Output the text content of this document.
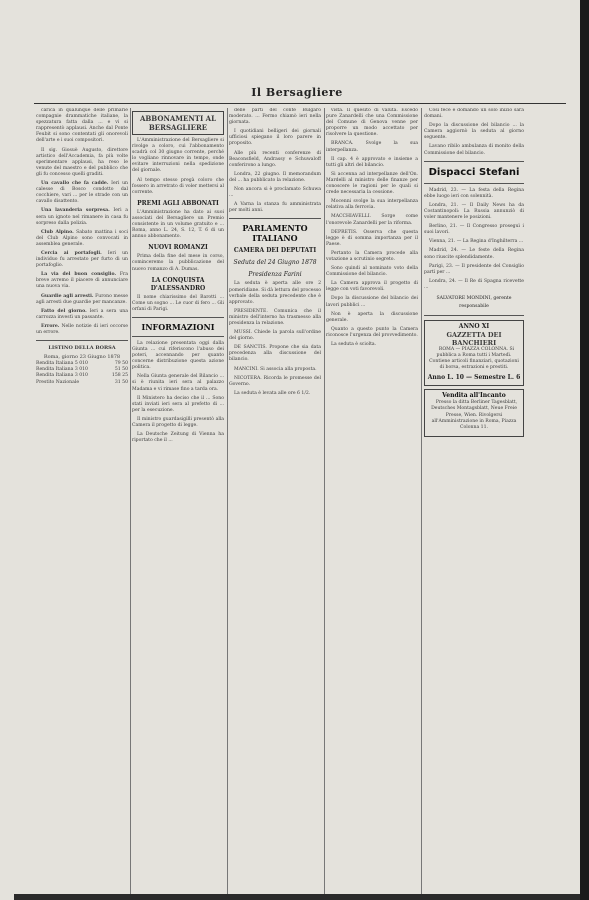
Il Bersagliere

carica in qualunque delle primarie compagnie drammatiche italiane, la spezzatura fatta dalla ... e vi si rappresentò applausi. Anche dal Ponte Feubit si sono contentati gli onorevoli dell'arte e i suoi compositori.

Il sig. Giosuè Augusto, direttore artistico dell'Accademia, fa più volte sperimentare applausi, ha reso le venute del maestro e del pubblico che gli fu concesso quelli graditi.

Un cavallo che fa cadde. Ieri un calesse di Bosco condotto dal cocchiere, vari ... per le strade con un cavallo disattento.

Una lavanderia sorpresa. Ieri a sera un ignoto nel rimanere in casa fu sorpreso dalla polizia.

Club Alpino. Sabato mattina i soci del Club Alpino sono convocati in assemblea generale.

Cercia ai portafogli. Ieri un individuo fu arrestato per furto di un portafoglio.

La via del buon consiglio. Fra breve avremo il piacere di annunciare una nuova via.

Guardie agli arresti. Furono messe agli arresti due guardie per mancanze.

Fatto del giorno. Ieri a sera una carrozza investì un passante.

Errore. Nelle notizie di ieri occorse un errore.

LISTINO DELLA BORSA
Roma, giorno 23 Giugno 1878
Rendita Italiana 5 010	79 50
Rendita Italiana 3 010	51 50
Rendita Italiana 3 010	158 25
Prestito Nazionale	31 50
ABBONAMENTI AL BERSAGLIERE

L'Amministrazione del Bersagliere si rivolge a coloro, cui l'abbonamento scadrà col 30 giugno corrente, perché lo vogliano rinnovare in tempo, onde evitare interruzioni nella spedizione del giornale.

Al tempo stesso pregà coloro che fossero in arretrato di voler mettersi al corrente.

PREMI AGLI ABBONATI

L'Amministrazione ha dato ai suoi associati del Bersagliere un Premio consistente in un volume gratuito e ... Roma, anno L. 24, S. 12, T. 6 di un annuo abbonamento.

NUOVI ROMANZI

Prima della fine del mese in corso, cominceremo la pubblicazione del nuovo romanzo di A. Dumas.

LA CONQUISTA D'ALESSANDRO

Il nome chiarissimo del Barotti ... Come un sogno ... Le cuor di fero ... Gli orfani di Parigi.

INFORMAZIONI

La relazione presentata oggi dalla Giunta ... cui riferiscono l'abuso dei poteri, accennando per quanto concerne distribuzione questa azione politica.

Nella Giunta generale del Bilancio ... si è riunita ieri sera al palazzo Madama e vi rimase fino a tarda ora.

Il Ministero ha deciso che il ... Sono stati inviati ieri sera al prefetto di ... per la esecuzione.

Il ministro guardasigilli presentò alla Camera il progetto di legge.

La Deutsche Zeitung di Vienna ha riportato che il ...

delle parti del conte Bulgaro moderato. ... Fermo chiamò ieri nella giornata.

I quotidiani belligeri dei giornali ufficiosi spiegano il loro parere in proposito.

Alle più recenti conferenze di Beaconsfield, Andrassy e Schuwaloff conferirono a lungo.

Londra, 22 giugno. Il memorandum del ... ha pubblicato la relazione.

Non ancora si è proclamato Schuwa ...

A Varna la stanza fu amministrata per molti anni.

PARLAMENTO ITALIANO
CAMERA DEI DEPUTATI
Seduta del 24 Giugno 1878
Presidenza Farini

La seduta è aperta alle ore 2 pomeridiane. Si dà lettura del processo verbale della seduta precedente che è approvato.

PRESIDENTE. Comunica che il ministro dell'interno ha trasmesso alla presidenza la relazione.

MUSSI. Chiede la parola sull'ordine del giorno.

DE SANCTIS. Propone che sia data precedenza alla discussione del bilancio.

MANCINI. Si associa alla proposta.

NICOTERA. Ricorda le promesse del Governo.

La seduta è levata alle ore 6 1/2.

vista. Il quesito di valuta. Escedo pure Zanardelli che una Commissione del Comune di Genova venne per proporre un modo accettato per risolvere la questione.

BRANCA. Svolge la sua interpellanza.

Il cap. 4 è approvato e insieme a tutti gli altri del bilancio.

Si accenna ad interpellanze dell'On. Mardelli al ministro delle finanze per conoscere le ragioni per le quali si crede necessaria la cessione.

Mocenni svolge la sua interpellanza relativa alla ferrovia.

MACCHIAVELLI. Sorge come l'onorevole Zanardelli per la riforma.

DEPRETIS. Osserva che questa legge è di somma importanza per il Paese.

Pertanto la Camera procede alla votazione a scrutinio segreto.

Sono quindi al nominato voto della Commissione del bilancio.

La Camera approva il progetto di legge con voti favorevoli.

Dopo la discussione del bilancio dei lavori pubblici ...

Non è aperta la discussione generale.

Quanto a questo punto la Camera riconosce l'urgenza del provvedimento.

La seduta è sciolta.

Così fece e domandò un solo inizio sarà domani.

Dopo la discussione del bilancio ... la Camera aggiornò la seduta al giorno seguente.

Lavano ribilo ambulanza di monito della Commissione del bilancio.

Dispacci Stefani

Madrid, 23. — La festa della Regina ebbe luogo ieri con solennità.

Londra, 21. — Il Daily News ha da Costantinopoli: La Russia annunziò di voler mantenere le posizioni.

Berlino, 21. — Il Congresso proseguì i suoi lavori.

Vienna, 21. — La Regina d'Inghilterra ...

Madrid, 24. — Le feste della Regina sono riuscite splendidamente.

Parigi, 23. — Il presidente del Consiglio partì per ...

Londra, 24. — Il Re di Spagna ricevette ...

SALVATORE MONDINI, gerente responsabile
ANNO XI
GAZZETTA DEI BANCHIERI

ROMA — PIAZZA COLONNA. Si pubblica a Roma tutti i Martedì. Contiene articoli finanziari, quotazioni di borsa, estrazioni e prestiti.

Anno L. 10 — Semestre L. 6
Vendita all'Incanto

Presso la ditta Berliner Tagesblatt, Deutsches Montagsblatt, Neue Freie Presse, Wien. Rivolgersi all'Amministrazione in Roma, Piazza Colonna 11.
